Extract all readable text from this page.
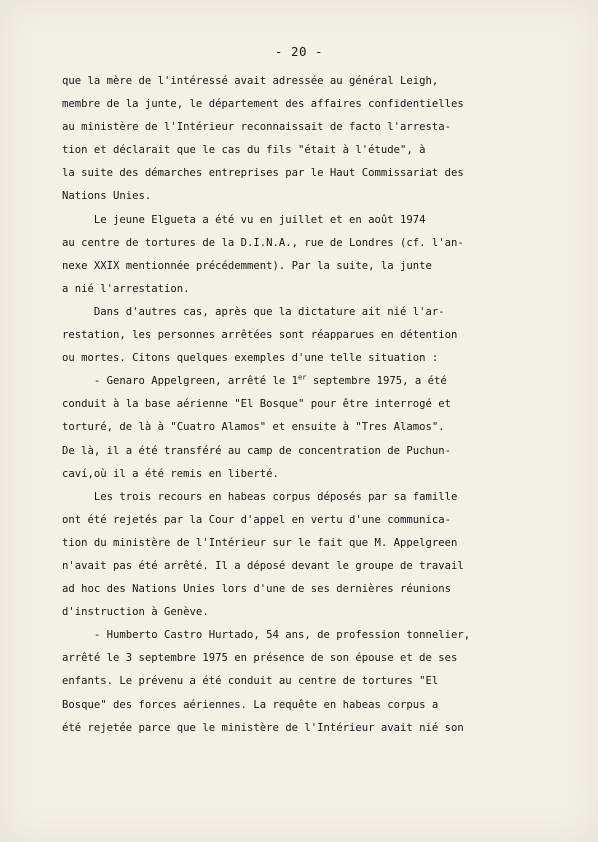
- 20 -
que la mère de l'intéressé avait adressée au général Leigh,
membre de la junte, le département des affaires confidentielles
au ministère de l'Intérieur reconnaissait de facto l'arresta-
tion et déclarait que le cas du fils "était à l'étude", à
la suite des démarches entreprises par le Haut Commissariat des
Nations Unies.
Le jeune Elgueta a été vu en juillet et en août 1974
au centre de tortures de la D.I.N.A., rue de Londres (cf. l'an-
nexe XXIX mentionnée précédemment). Par la suite, la junte
a nié l'arrestation.
Dans d'autres cas, après que la dictature ait nié l'ar-
restation, les personnes arrêtées sont réapparues en détention
ou mortes. Citons quelques exemples d'une telle situation :
- Genaro Appelgreen, arrêté le 1er septembre 1975, a été
conduit à la base aérienne "El Bosque" pour être interrogé et
torturé, de là à "Cuatro Alamos" et ensuite à "Tres Alamos".
De là, il a été transféré au camp de concentration de Puchun-
caví,où il a été remis en liberté.
Les trois recours en habeas corpus déposés par sa famille
ont été rejetés par la Cour d'appel en vertu d'une communica-
tion du ministère de l'Intérieur sur le fait que M. Appelgreen
n'avait pas été arrêté. Il a déposé devant le groupe de travail
ad hoc des Nations Unies lors d'une de ses dernières réunions
d'instruction à Genève.
- Humberto Castro Hurtado, 54 ans, de profession tonnelier,
arrêté le 3 septembre 1975 en présence de son épouse et de ses
enfants. Le prévenu a été conduit au centre de tortures "El
Bosque" des forces aériennes. La requête en habeas corpus a
été rejetée parce que le ministère de l'Intérieur avait nié son
